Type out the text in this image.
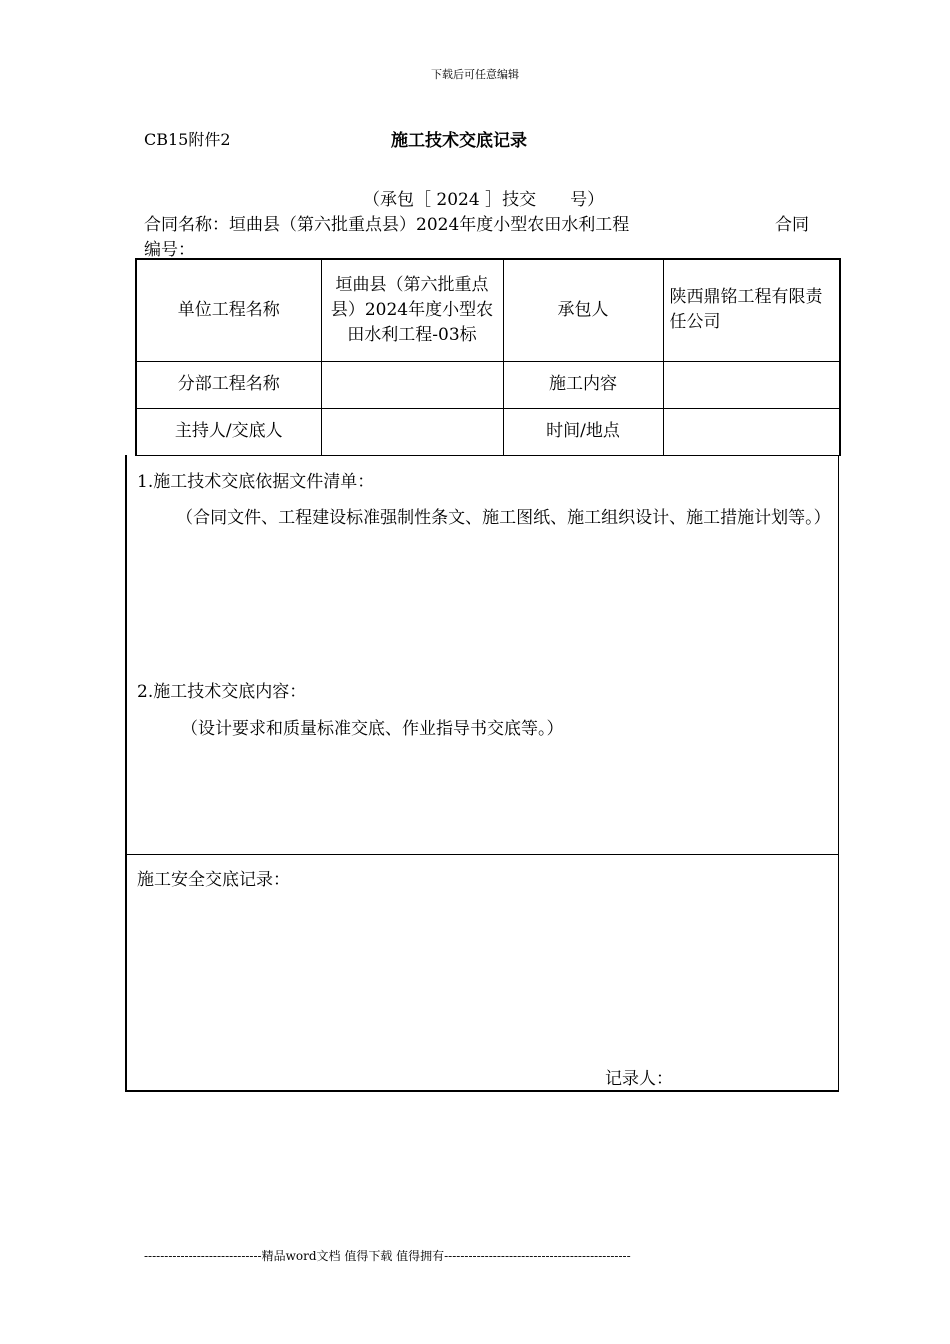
下载后可任意编辑
CB15附件2	施工技术交底记录
（承包［ 2024 ］技交　　号）
合同名称：垣曲县（第六批重点县）2024年度小型农田水利工程	合同
编号：
单位工程名称	垣曲县（第六批重点县）2024年度小型农田水利工程-03标	承包人	陕西鼎铭工程有限责任公司
分部工程名称		施工内容	
主持人/交底人		时间/地点	
1.施工技术交底依据文件清单：
（合同文件、工程建设标准强制性条文、施工图纸、施工组织设计、施工措施计划等。）
2.施工技术交底内容：
（设计要求和质量标准交底、作业指导书交底等。）
施工安全交底记录：
记录人：
-----------------------------精品word文档 值得下载 值得拥有----------------------------------------------
